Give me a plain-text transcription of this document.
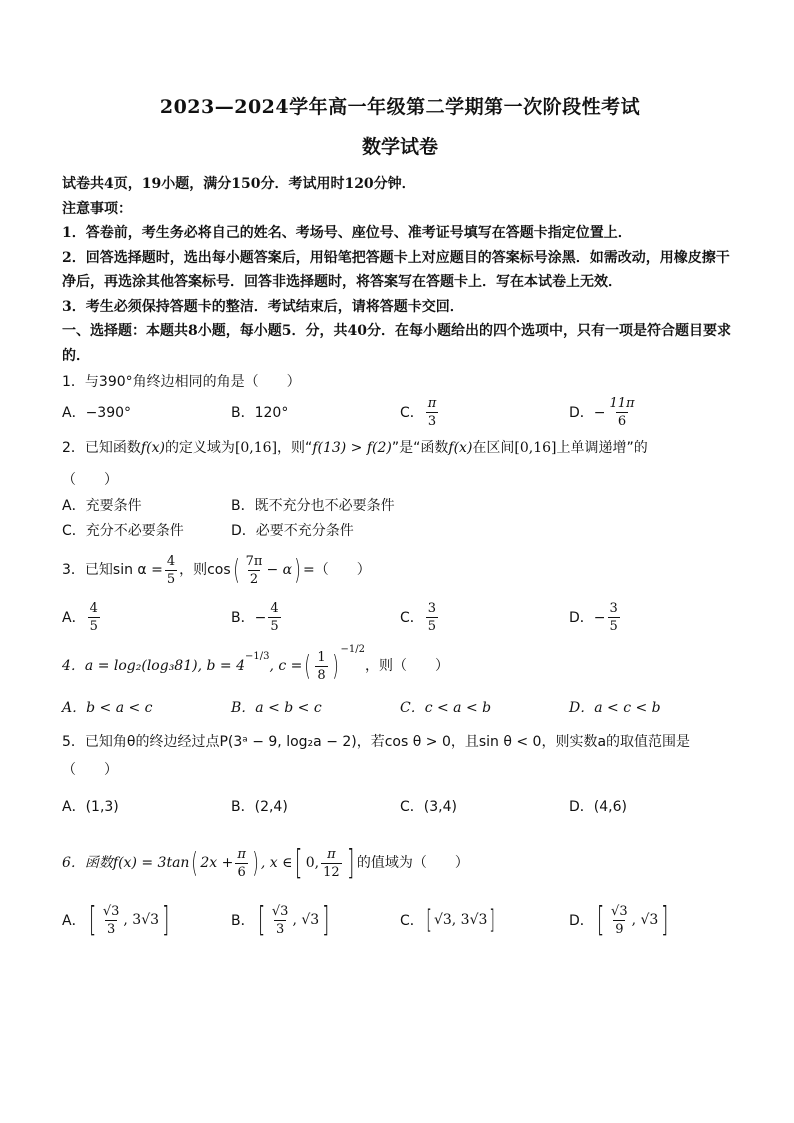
2023—2024学年高一年级第二学期第一次阶段性考试

数学试卷

试卷共4页，19小题，满分150分．考试用时120分钟．

注意事项：

1．答卷前，考生务必将自己的姓名、考场号、座位号、准考证号填写在答题卡指定位置上．

2．回答选择题时，选出每小题答案后，用铅笔把答题卡上对应题目的答案标号涂黑．如需改动，用橡皮擦干净后，再选涂其他答案标号．回答非选择题时，将答案写在答题卡上．写在本试卷上无效．

3．考生必须保持答题卡的整洁．考试结束后，请将答题卡交回．

一、选择题：本题共8小题，每小题5．分，共40分．在每小题给出的四个选项中，只有一项是符合题目要求的．

1．与390°角终边相同的角是（　　）

A．−390°	B．120°	C． $\frac{\pi}{3}$	D．− $\frac{11\pi}{6}$

2．已知函数f(x)的定义域为[0,16]，则“f(13) > f(2)”是“函数f(x)在区间[0,16]上单调递增”的

（　　）

A．充要条件	B．既不充分也不必要条件
C．充分不必要条件	D．必要不充分条件
3．已知$\sin \alpha = \frac{4}{5}$ ，则cos ( $\frac{7\pi}{2} - \alpha$ ) =（　　）
A． $\frac{4}{5}$	B．− $\frac{4}{5}$	C． $\frac{3}{5}$	D．− $\frac{3}{5}$
4．a = log₂(log₃81), b = 4
$^{-1/3}$
, c = ( $\frac{1}{8} )^{-1/2}$
，则（　　）
A．b < a < c	B．a < b < c	C．c < a < b	D．a < c < b

5．已知角θ的终边经过点P(3ᵃ − 9, log₂a − 2)，若cos θ > 0，且sin θ < 0，则实数a的取值范围是（　　）

A．(1,3)	B．(2,4)	C．(3,4)	D．(4,6)
6．函数f(x) = 3tan ( $2x + \frac{\pi}{6}$ ) , x ∈ [ 0, $\frac{\pi}{12}$ ] 的值域为（　　）
A． [ $\frac{√3}{3}$ , 3√3 ]	B． [ $\frac{√3}{3}$ , √3 ]	C． [ √3, 3√3 ]	D． [ $\frac{√3}{9}$ , √3 ]
